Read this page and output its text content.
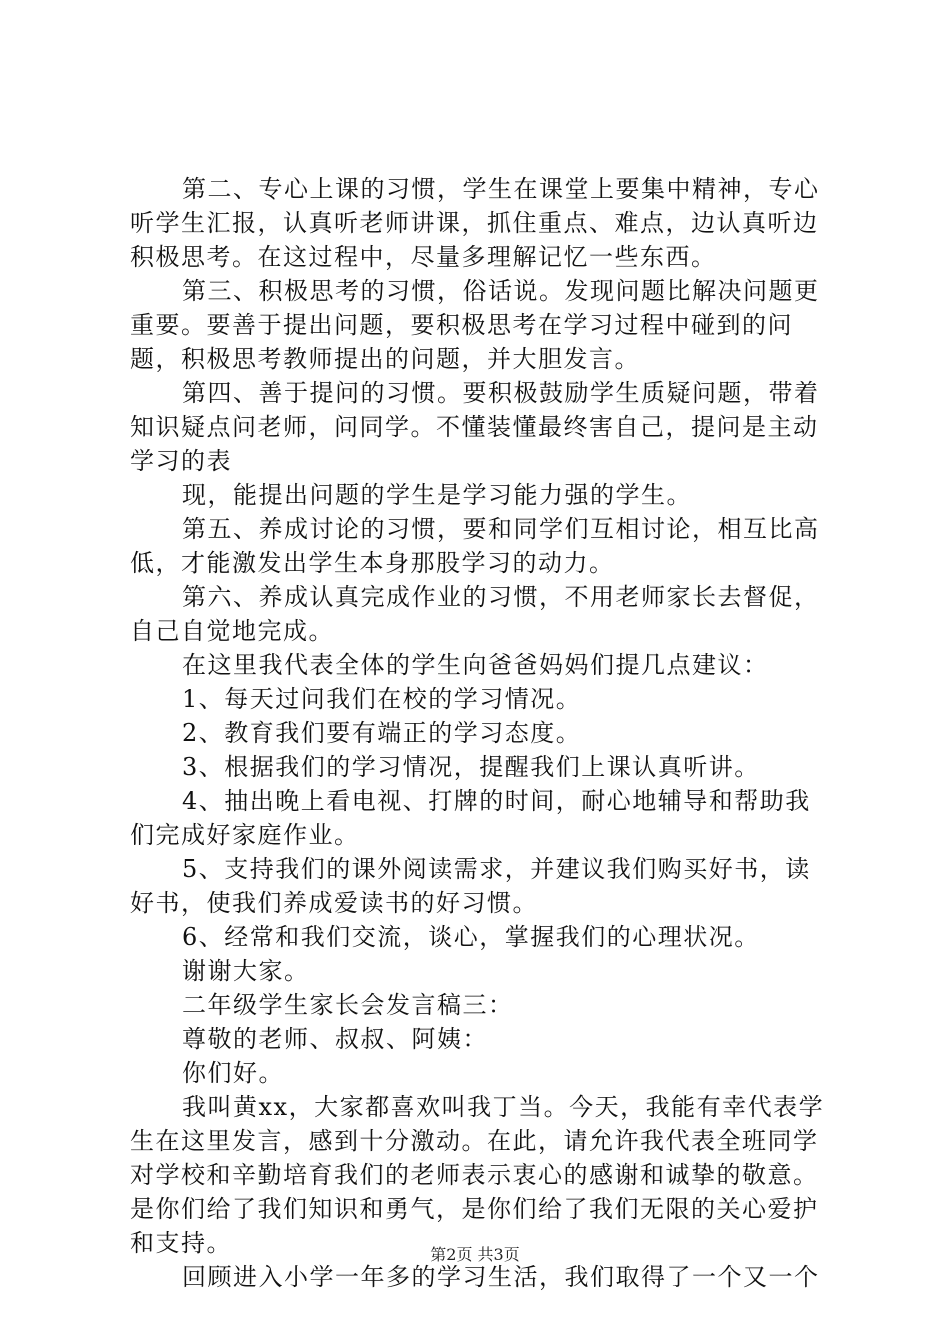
第二、专心上课的习惯，学生在课堂上要集中精神，专心听学生汇报，认真听老师讲课，抓住重点、难点，边认真听边积极思考。在这过程中，尽量多理解记忆一些东西。

第三、积极思考的习惯，俗话说。发现问题比解决问题更重要。要善于提出问题，要积极思考在学习过程中碰到的问题，积极思考教师提出的问题，并大胆发言。

第四、善于提问的习惯。要积极鼓励学生质疑问题，带着知识疑点问老师，问同学。不懂装懂最终害自己，提问是主动学习的表

现，能提出问题的学生是学习能力强的学生。

第五、养成讨论的习惯，要和同学们互相讨论，相互比高低，才能激发出学生本身那股学习的动力。

第六、养成认真完成作业的习惯，不用老师家长去督促，自己自觉地完成。

在这里我代表全体的学生向爸爸妈妈们提几点建议：

1、每天过问我们在校的学习情况。

2、教育我们要有端正的学习态度。

3、根据我们的学习情况，提醒我们上课认真听讲。

4、抽出晚上看电视、打牌的时间，耐心地辅导和帮助我们完成好家庭作业。

5、支持我们的课外阅读需求，并建议我们购买好书，读好书，使我们养成爱读书的好习惯。

6、经常和我们交流，谈心，掌握我们的心理状况。

谢谢大家。

二年级学生家长会发言稿三：

尊敬的老师、叔叔、阿姨：

你们好。

我叫黄xx，大家都喜欢叫我丁当。今天，我能有幸代表学生在这里发言，感到十分激动。在此，请允许我代表全班同学对学校和辛勤培育我们的老师表示衷心的感谢和诚挚的敬意。是你们给了我们知识和勇气，是你们给了我们无限的关心爱护和支持。

回顾进入小学一年多的学习生活，我们取得了一个又一个

第2页 共3页
